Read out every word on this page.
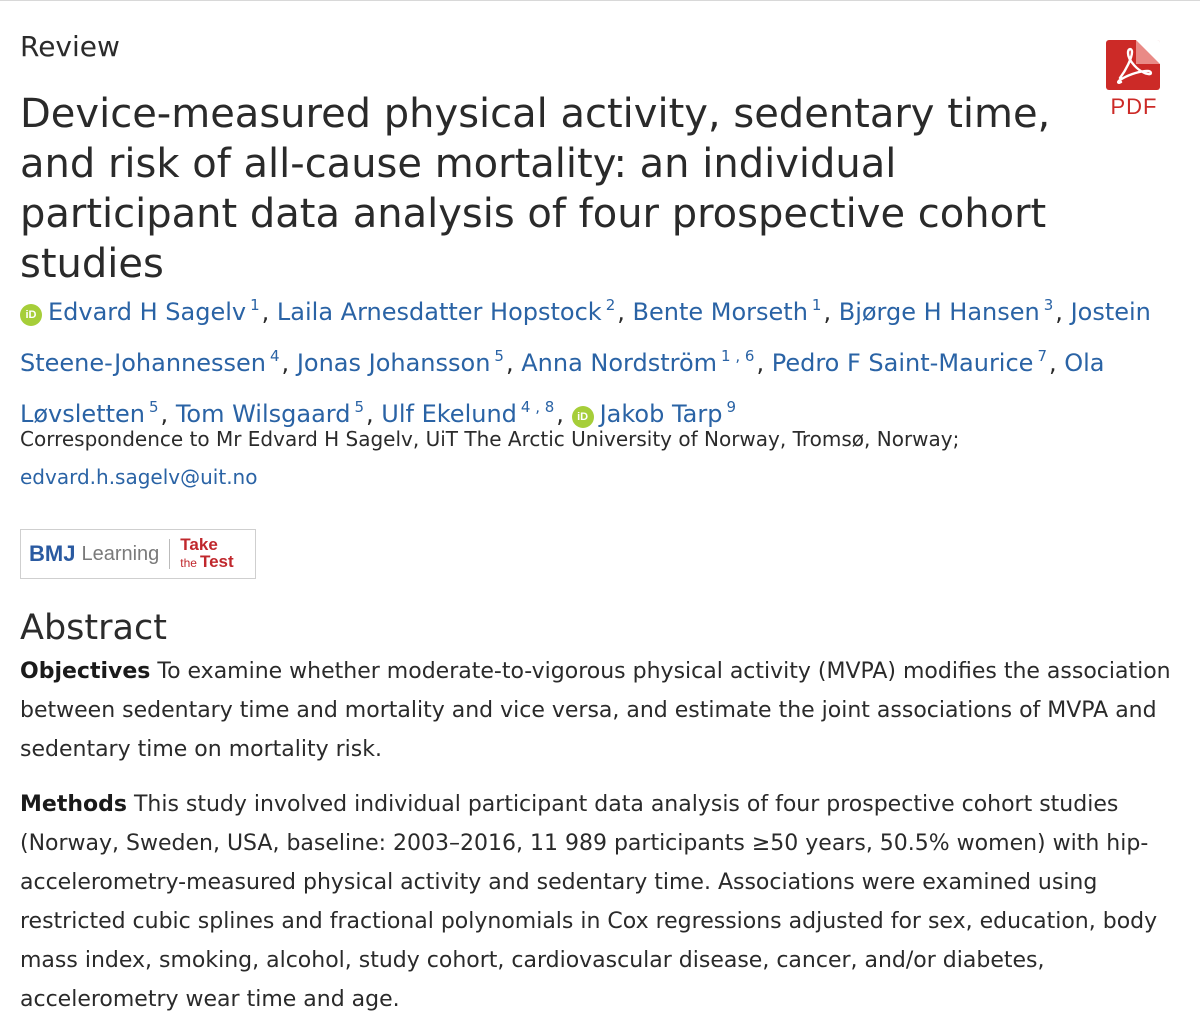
Review
Device-measured physical activity, sedentary time, and risk of all-cause mortality: an individual participant data analysis of four prospective cohort studies
PDF

iD Edvard H Sagelv $^1$, Laila Arnesdatter Hopstock $^2$, Bente Morseth $^1$, Bjørge H Hansen $^3$, Jostein Steene-Johannessen $^4$, Jonas Johansson $^5$, Anna Nordström $^{1 , 6}$, Pedro F Saint-Maurice $^7$, Ola Løvsletten $^5$, Tom Wilsgaard $^5$, Ulf Ekelund $^{4 , 8}$, iD Jakob Tarp $^9$

Correspondence to Mr Edvard H Sagelv, UiT The Arctic University of Norway, Tromsø, Norway;
edvard.h.sagelv@uit.no

BMJ Learning Take
the Test
Abstract

Objectives To examine whether moderate-to-vigorous physical activity (MVPA) modifies the association between sedentary time and mortality and vice versa, and estimate the joint associations of MVPA and sedentary time on mortality risk.

Methods This study involved individual participant data analysis of four prospective cohort studies (Norway, Sweden, USA, baseline: 2003–2016, 11 989 participants ≥50 years, 50.5% women) with hip-accelerometry-measured physical activity and sedentary time. Associations were examined using restricted cubic splines and fractional polynomials in Cox regressions adjusted for sex, education, body mass index, smoking, alcohol, study cohort, cardiovascular disease, cancer, and/or diabetes, accelerometry wear time and age.
